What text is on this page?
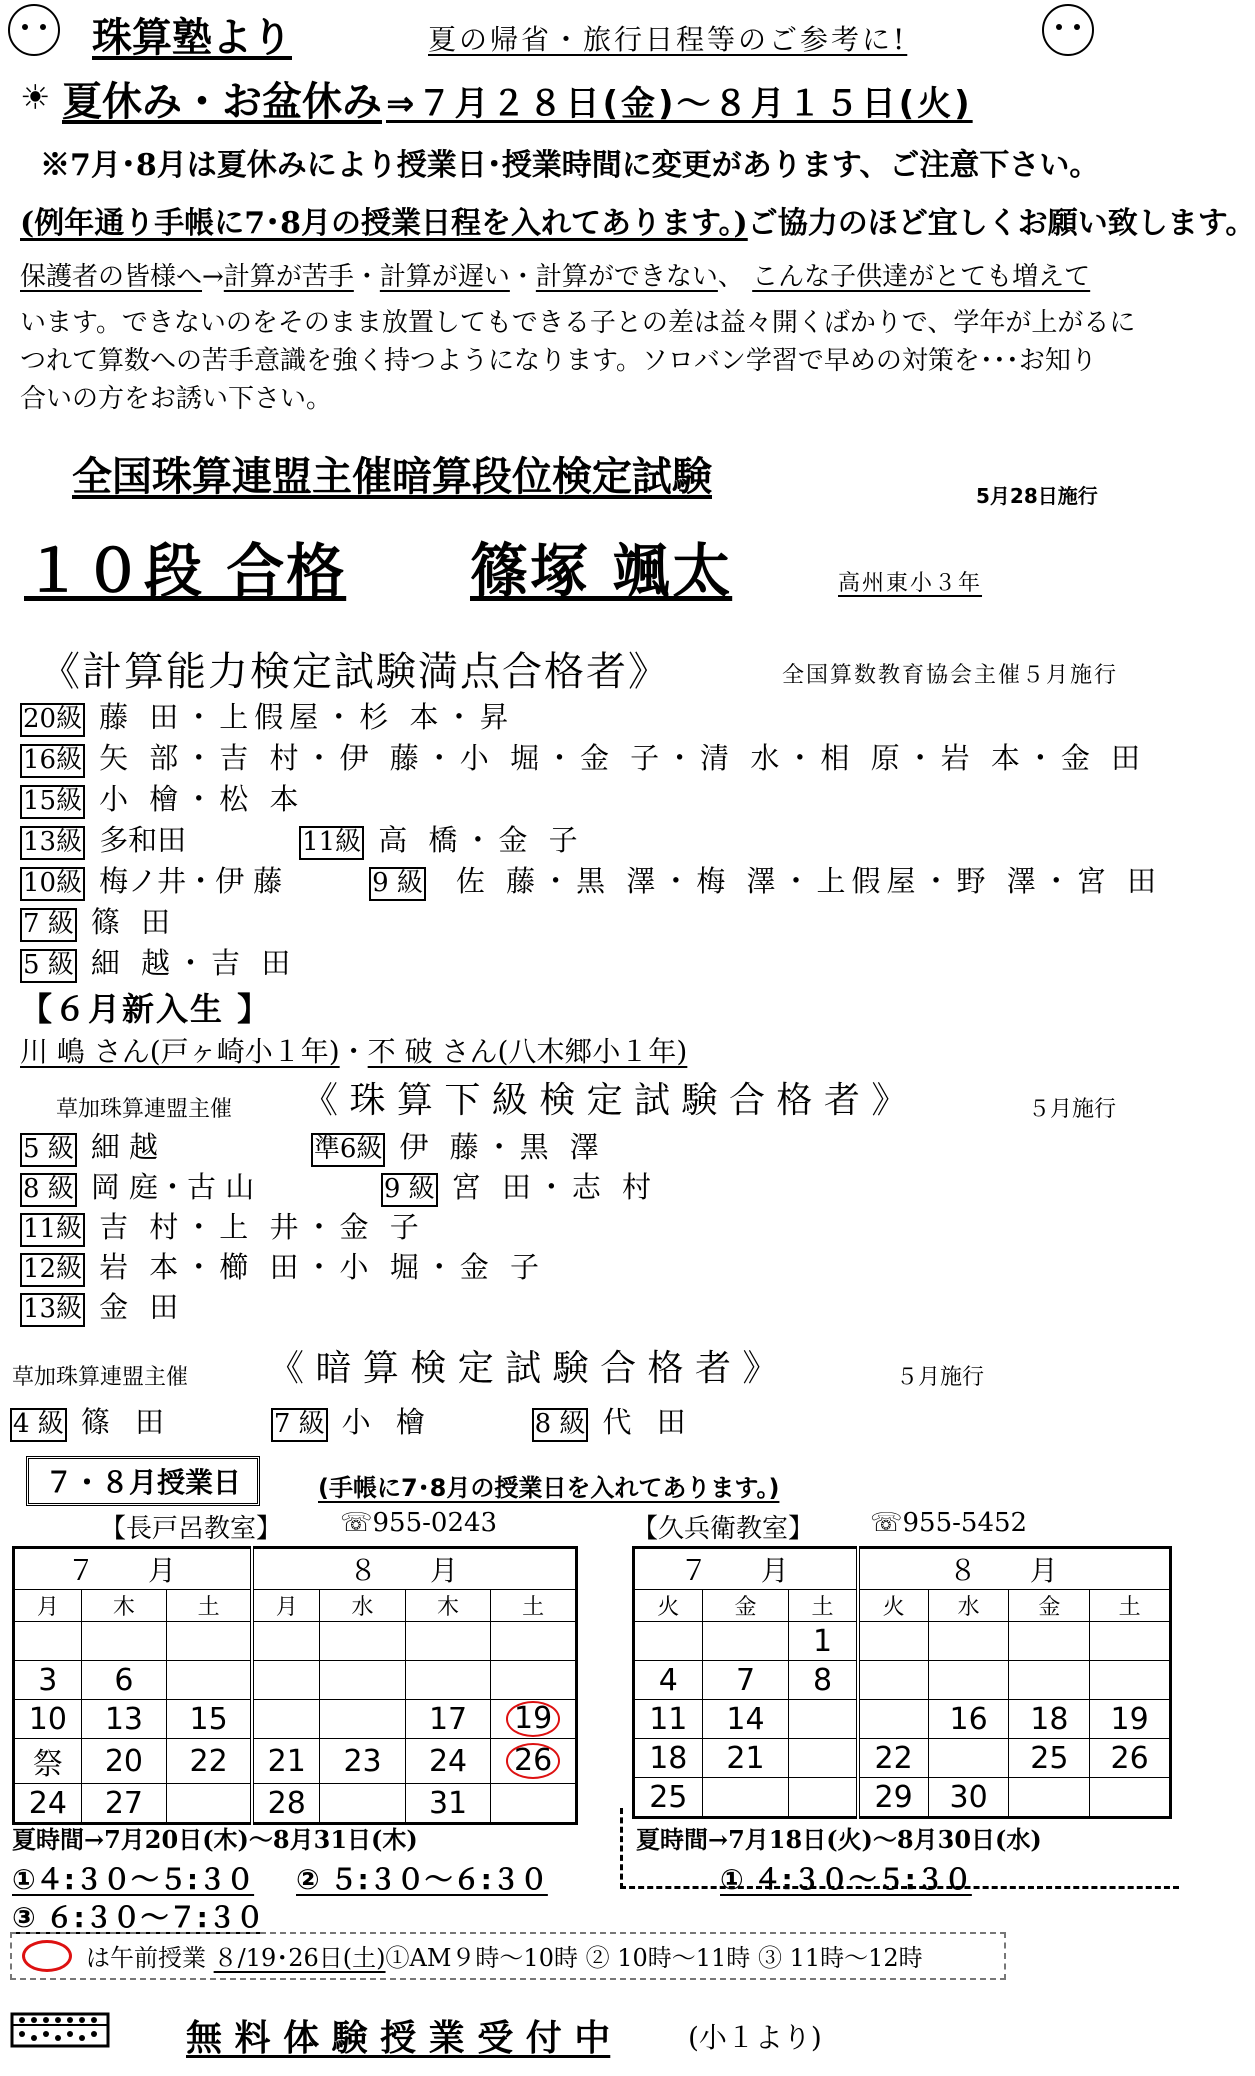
珠算塾より	夏の帰省・旅行日程等のご参考に!
☀ 夏休み・お盆休み ⇒７月２８日(金)～８月１５日(火)
※7月･8月は夏休みにより授業日･授業時間に変更があります、ご注意下さい。
(例年通り手帳に7･8月の授業日程を入れてあります。)ご協力のほど宜しくお願い致します。
保護者の皆様へ→計算が苦手・計算が遅い・計算ができない、 こんな子供達がとても増えて
います。できないのをそのまま放置してもできる子との差は益々開くばかりで、学年が上がるに
つれて算数への苦手意識を強く持つようになります。ソロバン学習で早めの対策を･･･お知り
合いの方をお誘い下さい。
全国珠算連盟主催暗算段位検定試験	5月28日施行
１０段 合格 篠塚 颯太	高州東小３年
《計算能力検定試験満点合格者》	全国算数教育協会主催５月施行
20級 藤 田・上假屋・杉 本・昇
16級 矢 部・吉 村・伊 藤・小 堀・金 子・清 水・相 原・岩 本・金 田
15級 小 檜・松 本
13級 多和田	11級 高 橋・金 子
10級 梅ノ井・伊 藤	9 級 佐 藤・黒 澤・梅 澤・上假屋・野 澤・宮 田
7 級 篠 田
5 級 細 越・吉 田
【６月新入生 】
川 嶋 さん(戸ヶ崎小１年)・不 破 さん(八木郷小１年)
草加珠算連盟主催 《 珠 算 下 級 検 定 試 験 合 格 者 》	５月施行
5 級 細 越	準6級 伊 藤・黒 澤
8 級 岡 庭・古 山	9 級 宮 田・志 村
11級 吉 村・上 井・金 子
12級 岩 本・櫛 田・小 堀・金 子
13級 金 田
草加珠算連盟主催 《 暗 算 検 定 試 験 合 格 者 》	５月施行
4 級 篠 田	7 級 小 檜	8 級 代 田
７・８月授業日	(手帳に7･8月の授業日を入れてあります。)
【長戸呂教室】 ☏955-0243	【久兵衛教室】 ☏955-5452
７ 月			８ 月			
月	木	土	月	水	木	土

3	6					
10	13	15			17	19
祭	20	22	21	23	24	26
24	27		28		31	
７ 月			８ 月			
火	金	土	火	水	金	土
		1				
4	7	8				
11	14			16	18	19
18	21		22		25	26
25			29	30		
夏時間→7月20日(木)～8月31日(木)
①４:３０～５:３０ ② ５:３０～６:３０
③ ６:３０～７:３０
夏時間→7月18日(火)～8月30日(水)
① ４:３０～５:３０
は午前授業 ８/19･26日(土)①AM９時～10時 ② 10時～11時 ③ 11時～12時
無 料 体 験 授 業 受 付 中	(小１より)
